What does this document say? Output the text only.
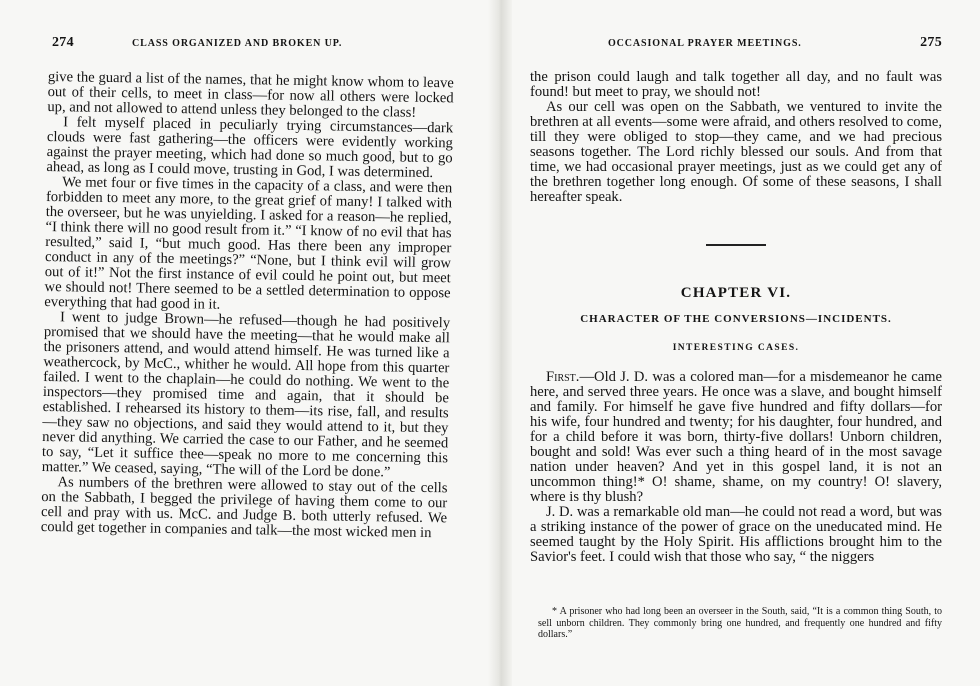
274	CLASS ORGANIZED AND BROKEN UP.

give the guard a list of the names, that he might know whom to leave out of their cells, to meet in class—for now all others were locked up, and not allowed to attend unless they belonged to the class!

I felt myself placed in peculiarly trying circumstances—dark clouds were fast gathering—the officers were evidently working against the prayer meeting, which had done so much good, but to go ahead, as long as I could move, trusting in God, I was determined.

We met four or five times in the capacity of a class, and were then forbidden to meet any more, to the great grief of many! I talked with the overseer, but he was unyielding. I asked for a reason—he replied, “I think there will no good result from it.” “I know of no evil that has resulted,” said I, “but much good. Has there been any improper conduct in any of the meetings?” “None, but I think evil will grow out of it!” Not the first instance of evil could he point out, but meet we should not! There seemed to be a settled determination to oppose everything that had good in it.

I went to judge Brown—he refused—though he had positively promised that we should have the meeting—that he would make all the prisoners attend, and would attend himself. He was turned like a weathercock, by McC., whither he would. All hope from this quarter failed. I went to the chaplain—he could do nothing. We went to the inspectors—they promised time and again, that it should be established. I rehearsed its history to them—its rise, fall, and results—they saw no objections, and said they would attend to it, but they never did anything. We carried the case to our Father, and he seemed to say, “Let it suffice thee—speak no more to me concerning this matter.” We ceased, saying, “The will of the Lord be done.”

As numbers of the brethren were allowed to stay out of the cells on the Sabbath, I begged the privilege of having them come to our cell and pray with us. McC. and Judge B. both utterly refused. We could get together in companies and talk—the most wicked men in

OCCASIONAL PRAYER MEETINGS.	275

the prison could laugh and talk together all day, and no fault was found! but meet to pray, we should not!

As our cell was open on the Sabbath, we ventured to invite the brethren at all events—some were afraid, and others resolved to come, till they were obliged to stop—they came, and we had precious seasons together. The Lord richly blessed our souls. And from that time, we had occasional prayer meetings, just as we could get any of the brethren together long enough. Of some of these seasons, I shall hereafter speak.

CHAPTER VI.
CHARACTER OF THE CONVERSIONS—INCIDENTS.
INTERESTING CASES.

First.—Old J. D. was a colored man—for a misdemeanor he came here, and served three years. He once was a slave, and bought himself and family. For himself he gave five hundred and fifty dollars—for his wife, four hundred and twenty; for his daughter, four hundred, and for a child before it was born, thirty-five dollars! Unborn children, bought and sold! Was ever such a thing heard of in the most savage nation under heaven? And yet in this gospel land, it is not an uncommon thing!* O! shame, shame, on my country! O! slavery, where is thy blush?

J. D. was a remarkable old man—he could not read a word, but was a striking instance of the power of grace on the uneducated mind. He seemed taught by the Holy Spirit. His afflictions brought him to the Savior's feet. I could wish that those who say, “ the niggers

* A prisoner who had long been an overseer in the South, said, “It is a common thing South, to sell unborn children. They commonly bring one hundred, and frequently one hundred and fifty dollars.”
